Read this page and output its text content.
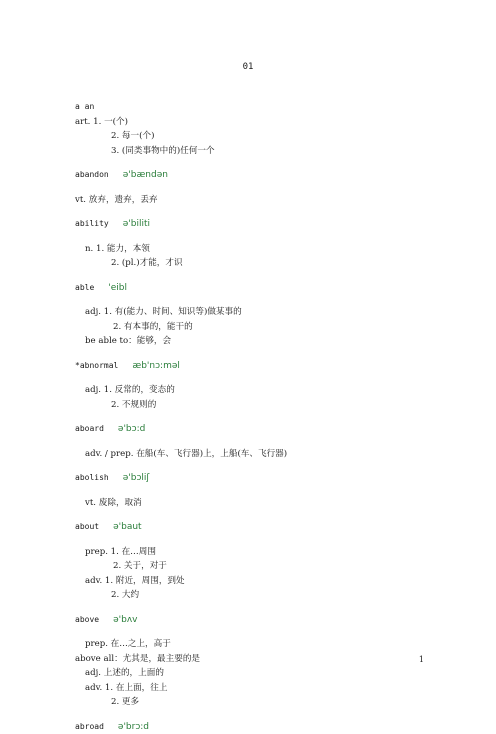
01
a an
art. 1. 一(个)
2. 每一(个)
3. (同类事物中的)任何一个
abandon ə'bændən
vt. 放弃，遗弃，丢弃
ability ə'biliti
n. 1. 能力，本领
2. (pl.)才能，才识
able 'eibl
adj. 1. 有(能力、时间、知识等)做某事的
2. 有本事的，能干的
be able to：能够，会
*abnormal æb'nɔ:məl
adj. 1. 反常的，变态的
2. 不规则的
aboard ə'bɔ:d
adv. / prep. 在船(车、飞行器)上，上船(车、飞行器)
abolish ə'bɔliʃ
vt. 废除，取消
about ə'baut
prep. 1. 在…周围
2. 关于，对于
adv. 1. 附近，周围，到处
2. 大约
above ə'bʌv
prep. 在…之上，高于
above all：尤其是，最主要的是
adj. 上述的，上面的
adv. 1. 在上面，往上
2. 更多
abroad ə'brɔ:d
1
